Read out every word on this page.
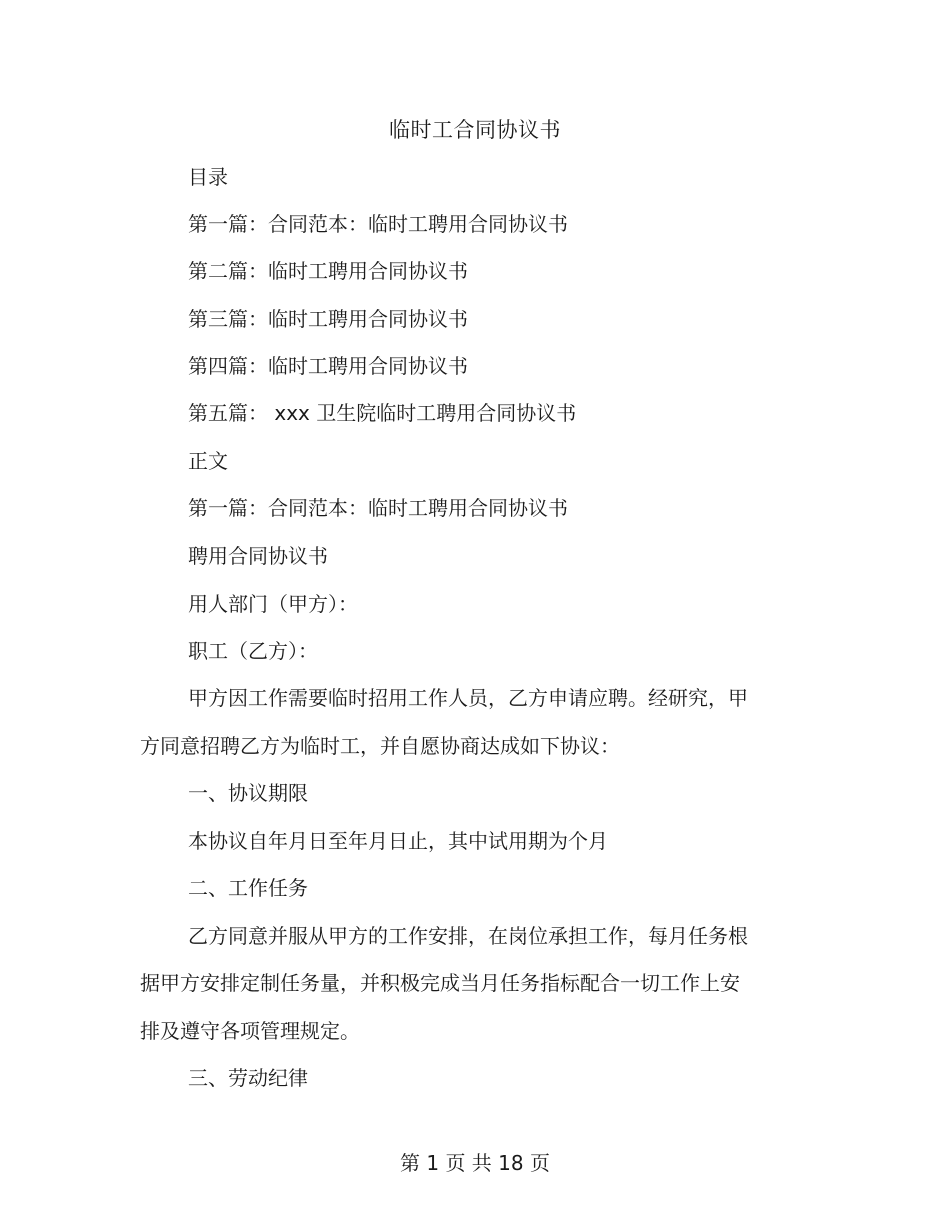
临时工合同协议书
目录
第一篇：合同范本：临时工聘用合同协议书
第二篇：临时工聘用合同协议书
第三篇：临时工聘用合同协议书
第四篇：临时工聘用合同协议书
第五篇： xxx 卫生院临时工聘用合同协议书
正文
第一篇：合同范本：临时工聘用合同协议书
聘用合同协议书
用人部门（甲方）：
职工（乙方）：
甲方因工作需要临时招用工作人员，乙方申请应聘。经研究，甲
方同意招聘乙方为临时工，并自愿协商达成如下协议：
一、协议期限
本协议自年月日至年月日止，其中试用期为个月
二、工作任务
乙方同意并服从甲方的工作安排，在岗位承担工作，每月任务根
据甲方安排定制任务量，并积极完成当月任务指标配合一切工作上安
排及遵守各项管理规定。
三、劳动纪律
第 1 页 共 18 页
